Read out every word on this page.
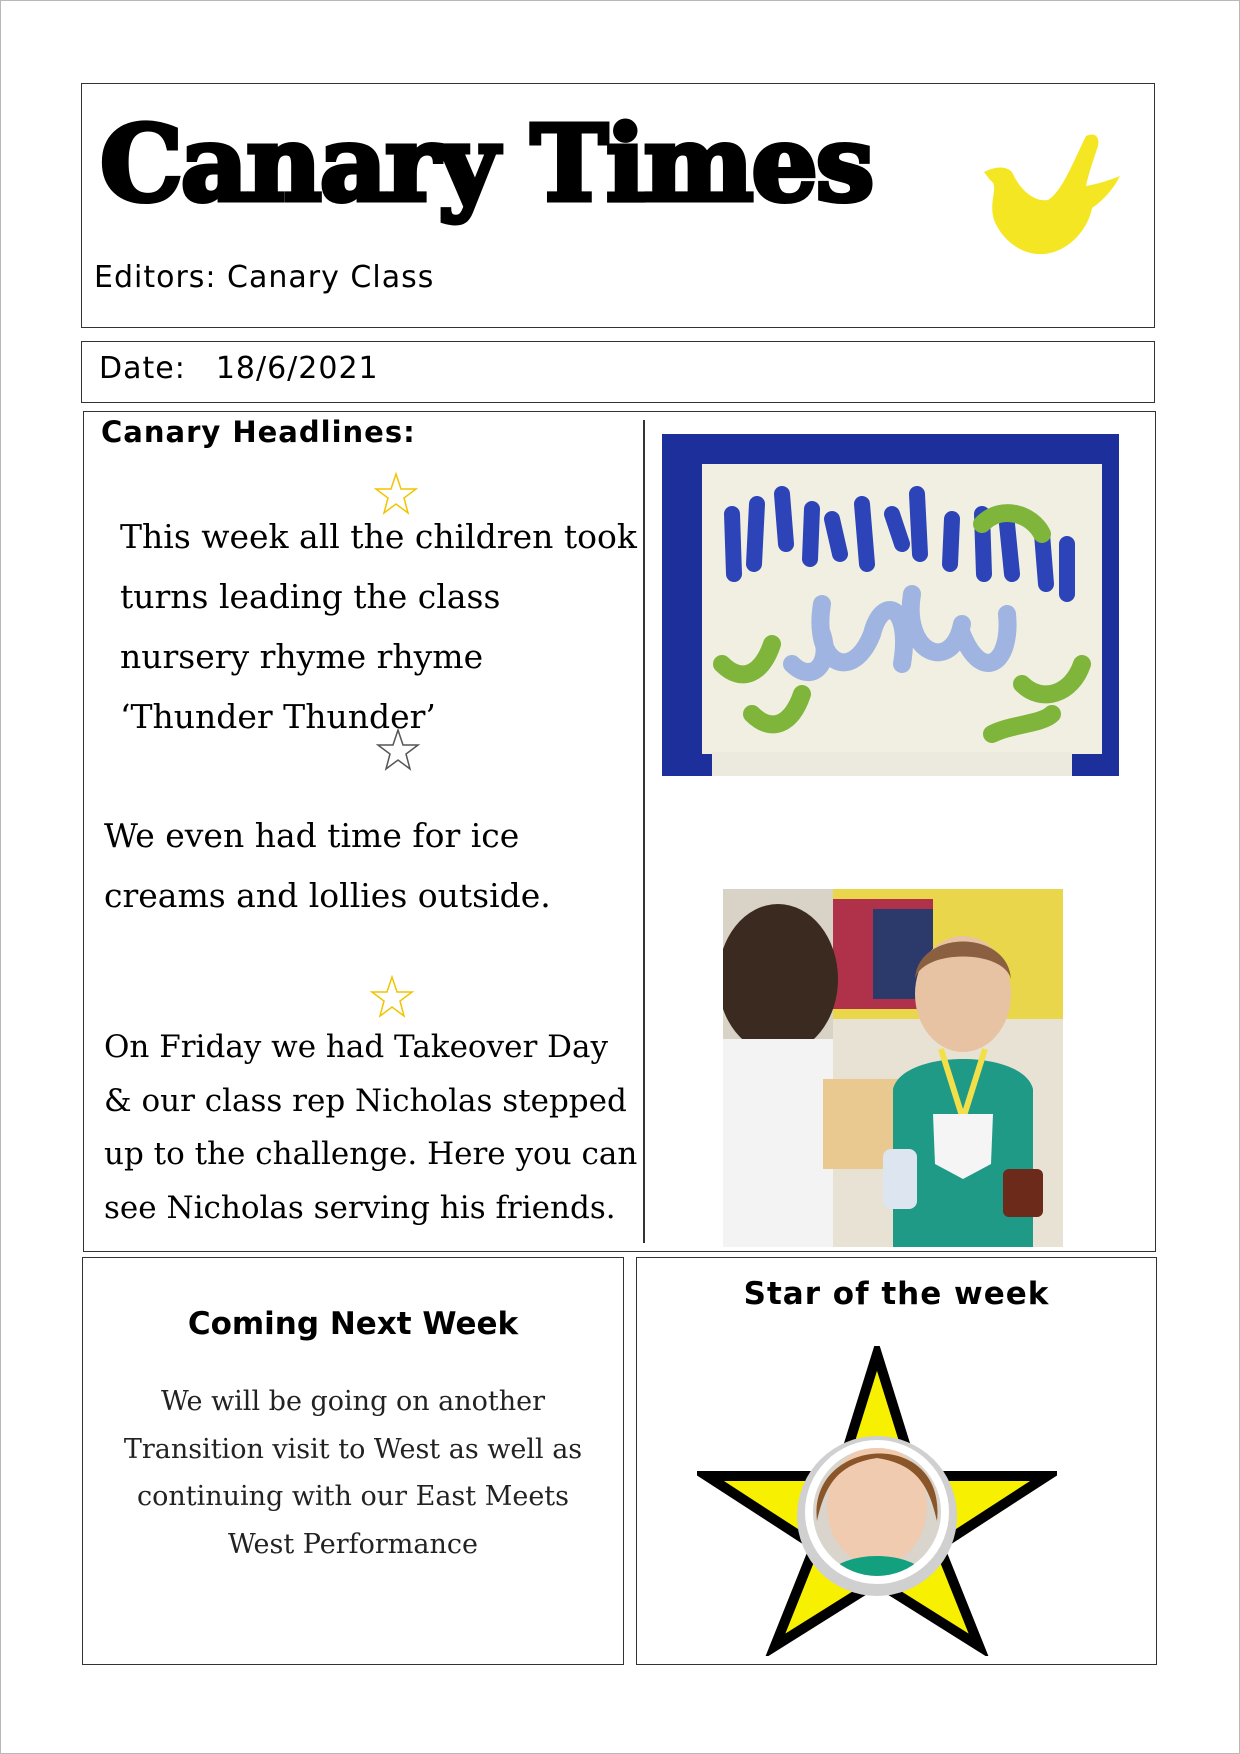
Canary Times
Editors: Canary Class
Date: 18/6/2021
Canary Headlines:
This week all the children took turns leading the class nursery rhyme rhyme ‘Thunder Thunder’
We even had time for ice creams and lollies outside.
On Friday we had Takeover Day & our class rep Nicholas stepped up to the challenge. Here you can see Nicholas serving his friends.
Coming Next Week
We will be going on another Transition visit to West as well as continuing with our East Meets West Performance
Star of the week
